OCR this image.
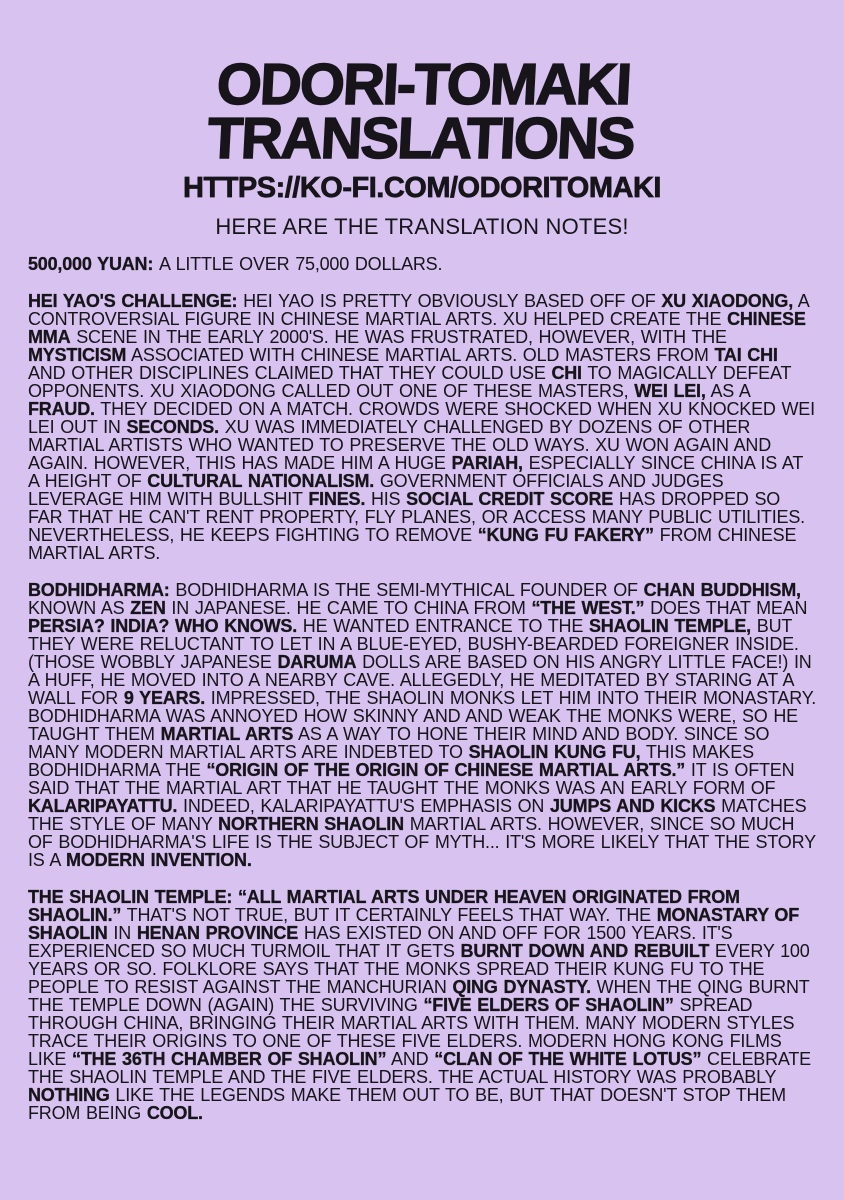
ODORI-TOMAKI
TRANSLATIONS
HTTPS://KO-FI.COM/ODORITOMAKI
HERE ARE THE TRANSLATION NOTES!

500,000 YUAN: A LITTLE OVER 75,000 DOLLARS.

HEI YAO'S CHALLENGE: HEI YAO IS PRETTY OBVIOUSLY BASED OFF OF XU XIAODONG, A CONTROVERSIAL FIGURE IN CHINESE MARTIAL ARTS. XU HELPED CREATE THE CHINESE MMA SCENE IN THE EARLY 2000'S. HE WAS FRUSTRATED, HOWEVER, WITH THE MYSTICISM ASSOCIATED WITH CHINESE MARTIAL ARTS. OLD MASTERS FROM TAI CHI AND OTHER DISCIPLINES CLAIMED THAT THEY COULD USE CHI TO MAGICALLY DEFEAT OPPONENTS. XU XIAODONG CALLED OUT ONE OF THESE MASTERS, WEI LEI, AS A FRAUD. THEY DECIDED ON A MATCH. CROWDS WERE SHOCKED WHEN XU KNOCKED WEI LEI OUT IN SECONDS. XU WAS IMMEDIATELY CHALLENGED BY DOZENS OF OTHER MARTIAL ARTISTS WHO WANTED TO PRESERVE THE OLD WAYS. XU WON AGAIN AND AGAIN. HOWEVER, THIS HAS MADE HIM A HUGE PARIAH, ESPECIALLY SINCE CHINA IS AT A HEIGHT OF CULTURAL NATIONALISM. GOVERNMENT OFFICIALS AND JUDGES LEVERAGE HIM WITH BULLSHIT FINES. HIS SOCIAL CREDIT SCORE HAS DROPPED SO FAR THAT HE CAN'T RENT PROPERTY, FLY PLANES, OR ACCESS MANY PUBLIC UTILITIES. NEVERTHELESS, HE KEEPS FIGHTING TO REMOVE “KUNG FU FAKERY” FROM CHINESE MARTIAL ARTS.

BODHIDHARMA: BODHIDHARMA IS THE SEMI-MYTHICAL FOUNDER OF CHAN BUDDHISM, KNOWN AS ZEN IN JAPANESE. HE CAME TO CHINA FROM “THE WEST.” DOES THAT MEAN PERSIA? INDIA? WHO KNOWS. HE WANTED ENTRANCE TO THE SHAOLIN TEMPLE, BUT THEY WERE RELUCTANT TO LET IN A BLUE-EYED, BUSHY-BEARDED FOREIGNER INSIDE. (THOSE WOBBLY JAPANESE DARUMA DOLLS ARE BASED ON HIS ANGRY LITTLE FACE!) IN A HUFF, HE MOVED INTO A NEARBY CAVE. ALLEGEDLY, HE MEDITATED BY STARING AT A WALL FOR 9 YEARS. IMPRESSED, THE SHAOLIN MONKS LET HIM INTO THEIR MONASTARY. BODHIDHARMA WAS ANNOYED HOW SKINNY AND AND WEAK THE MONKS WERE, SO HE TAUGHT THEM MARTIAL ARTS AS A WAY TO HONE THEIR MIND AND BODY. SINCE SO MANY MODERN MARTIAL ARTS ARE INDEBTED TO SHAOLIN KUNG FU, THIS MAKES BODHIDHARMA THE “ORIGIN OF THE ORIGIN OF CHINESE MARTIAL ARTS.” IT IS OFTEN SAID THAT THE MARTIAL ART THAT HE TAUGHT THE MONKS WAS AN EARLY FORM OF KALARIPAYATTU. INDEED, KALARIPAYATTU'S EMPHASIS ON JUMPS AND KICKS MATCHES THE STYLE OF MANY NORTHERN SHAOLIN MARTIAL ARTS. HOWEVER, SINCE SO MUCH OF BODHIDHARMA'S LIFE IS THE SUBJECT OF MYTH... IT'S MORE LIKELY THAT THE STORY IS A MODERN INVENTION.

THE SHAOLIN TEMPLE: “ALL MARTIAL ARTS UNDER HEAVEN ORIGINATED FROM SHAOLIN.” THAT'S NOT TRUE, BUT IT CERTAINLY FEELS THAT WAY. THE MONASTARY OF SHAOLIN IN HENAN PROVINCE HAS EXISTED ON AND OFF FOR 1500 YEARS. IT'S EXPERIENCED SO MUCH TURMOIL THAT IT GETS BURNT DOWN AND REBUILT EVERY 100 YEARS OR SO. FOLKLORE SAYS THAT THE MONKS SPREAD THEIR KUNG FU TO THE PEOPLE TO RESIST AGAINST THE MANCHURIAN QING DYNASTY. WHEN THE QING BURNT THE TEMPLE DOWN (AGAIN) THE SURVIVING “FIVE ELDERS OF SHAOLIN” SPREAD THROUGH CHINA, BRINGING THEIR MARTIAL ARTS WITH THEM. MANY MODERN STYLES TRACE THEIR ORIGINS TO ONE OF THESE FIVE ELDERS. MODERN HONG KONG FILMS LIKE “THE 36TH CHAMBER OF SHAOLIN” AND “CLAN OF THE WHITE LOTUS” CELEBRATE THE SHAOLIN TEMPLE AND THE FIVE ELDERS. THE ACTUAL HISTORY WAS PROBABLY NOTHING LIKE THE LEGENDS MAKE THEM OUT TO BE, BUT THAT DOESN'T STOP THEM FROM BEING COOL.
